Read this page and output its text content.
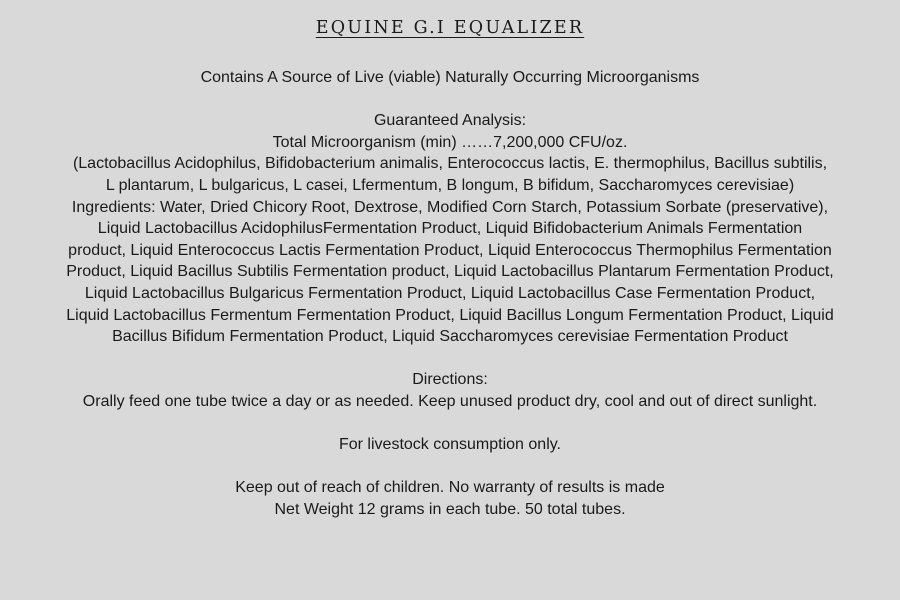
EQUINE G.I EQUALIZER
Contains A Source of Live (viable) Naturally Occurring Microorganisms
Guaranteed Analysis:
Total Microorganism (min) ……7,200,000 CFU/oz.
(Lactobacillus Acidophilus, Bifidobacterium animalis, Enterococcus lactis, E. thermophilus, Bacillus subtilis,
L plantarum, L bulgaricus, L casei, Lfermentum, B longum, B bifidum, Saccharomyces cerevisiae)
Ingredients: Water, Dried Chicory Root, Dextrose, Modified Corn Starch, Potassium Sorbate (preservative),
Liquid Lactobacillus AcidophilusFermentation Product, Liquid Bifidobacterium Animals Fermentation
product, Liquid Enterococcus Lactis Fermentation Product, Liquid Enterococcus Thermophilus Fermentation
Product, Liquid Bacillus Subtilis Fermentation product, Liquid Lactobacillus Plantarum Fermentation Product,
Liquid Lactobacillus Bulgaricus Fermentation Product, Liquid Lactobacillus Case Fermentation Product,
Liquid Lactobacillus Fermentum Fermentation Product, Liquid Bacillus Longum Fermentation Product, Liquid
Bacillus Bifidum Fermentation Product, Liquid Saccharomyces cerevisiae Fermentation Product
Directions:
Orally feed one tube twice a day or as needed. Keep unused product dry, cool and out of direct sunlight.
For livestock consumption only.
Keep out of reach of children. No warranty of results is made
Net Weight 12 grams in each tube. 50 total tubes.
